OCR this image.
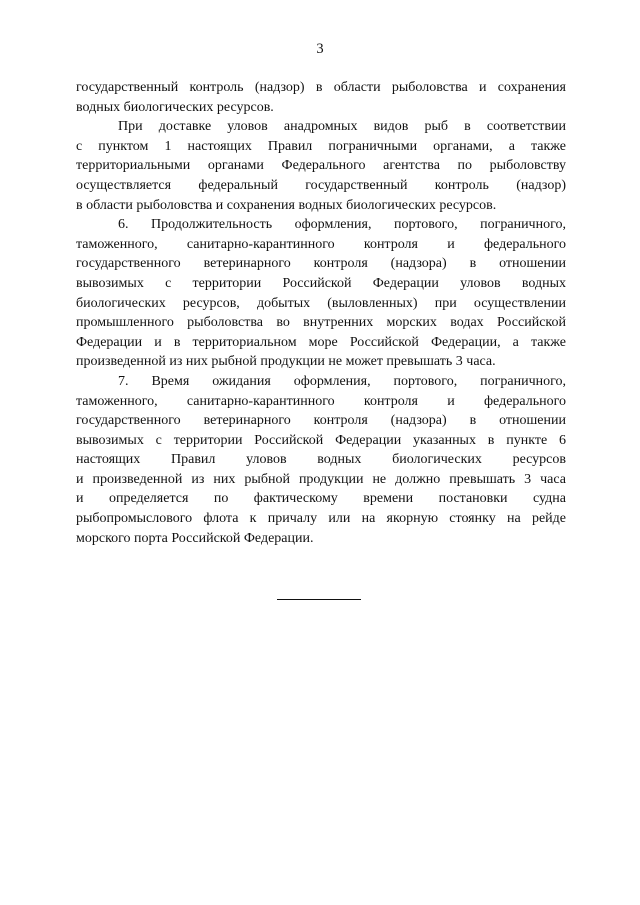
3
государственный контроль (надзор) в области рыболовства и сохранения
водных биологических ресурсов.
При доставке уловов анадромных видов рыб в соответствии
с пунктом 1 настоящих Правил пограничными органами, а также
территориальными органами Федерального агентства по рыболовству
осуществляется федеральный государственный контроль (надзор)
в области рыболовства и сохранения водных биологических ресурсов.
6. Продолжительность оформления, портового, пограничного,
таможенного, санитарно-карантинного контроля и федерального
государственного ветеринарного контроля (надзора) в отношении
вывозимых с территории Российской Федерации уловов водных
биологических ресурсов, добытых (выловленных) при осуществлении
промышленного рыболовства во внутренних морских водах Российской
Федерации и в территориальном море Российской Федерации, а также
произведенной из них рыбной продукции не может превышать 3 часа.
7. Время ожидания оформления, портового, пограничного,
таможенного, санитарно-карантинного контроля и федерального
государственного ветеринарного контроля (надзора) в отношении
вывозимых с территории Российской Федерации указанных в пункте 6
настоящих Правил уловов водных биологических ресурсов
и произведенной из них рыбной продукции не должно превышать 3 часа
и определяется по фактическому времени постановки судна
рыбопромыслового флота к причалу или на якорную стоянку на рейде
морского порта Российской Федерации.
